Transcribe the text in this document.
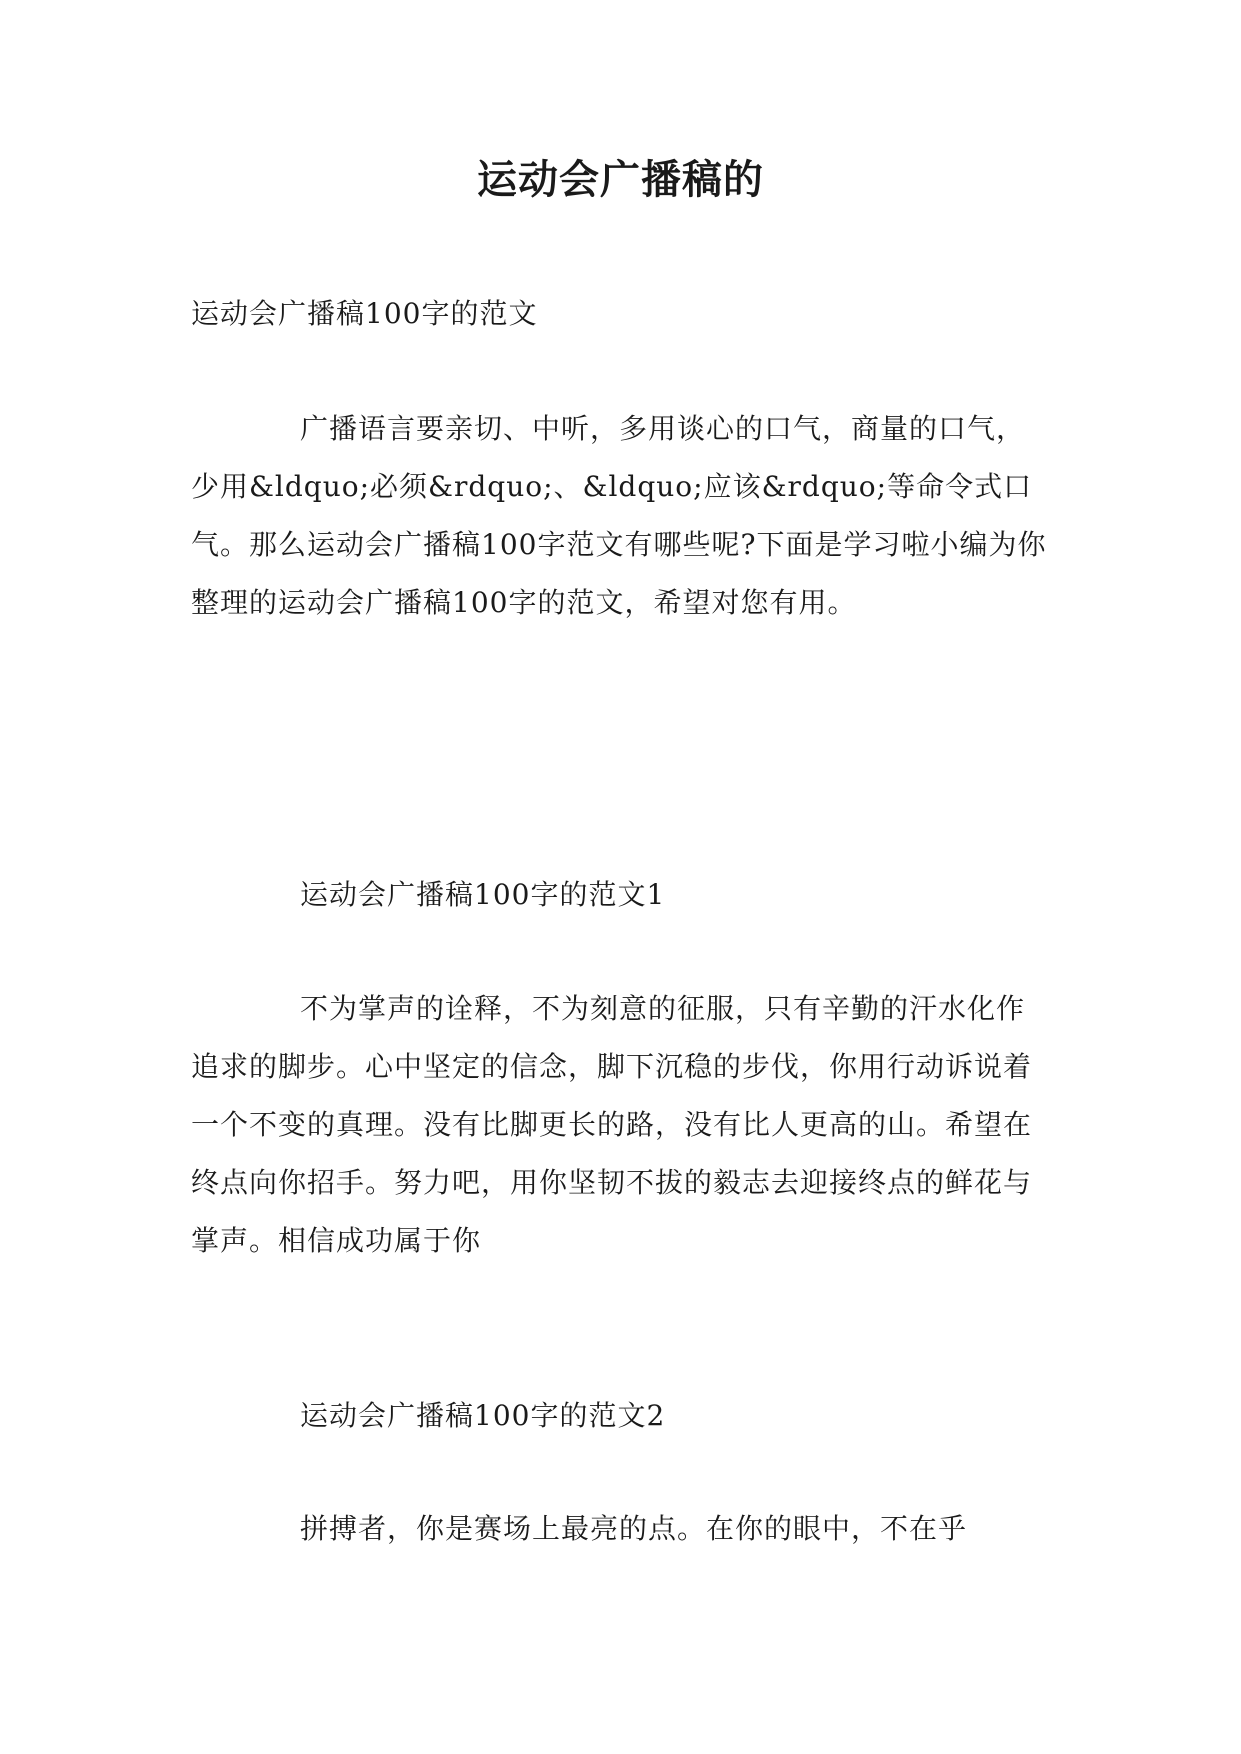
运动会广播稿的

运动会广播稿100字的范文

广播语言要亲切、中听，多用谈心的口气，商量的口气，少用&ldquo;必须&rdquo;、&ldquo;应该&rdquo;等命令式口气。那么运动会广播稿100字范文有哪些呢?下面是学习啦小编为你整理的运动会广播稿100字的范文，希望对您有用。

运动会广播稿100字的范文1

不为掌声的诠释，不为刻意的征服，只有辛勤的汗水化作追求的脚步。心中坚定的信念，脚下沉稳的步伐，你用行动诉说着一个不变的真理。没有比脚更长的路，没有比人更高的山。希望在终点向你招手。努力吧，用你坚韧不拔的毅志去迎接终点的鲜花与掌声。相信成功属于你

运动会广播稿100字的范文2

拼搏者，你是赛场上最亮的点。在你的眼中，不在乎
